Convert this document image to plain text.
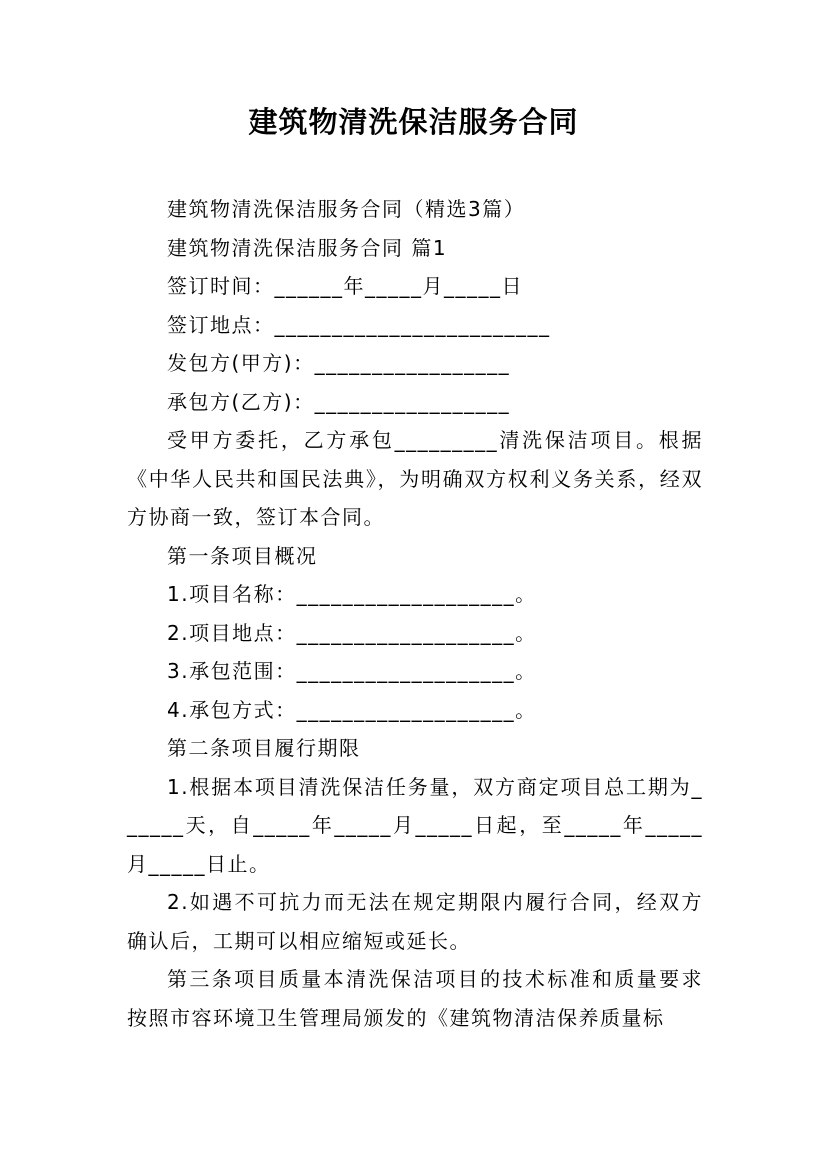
建筑物清洗保洁服务合同

建筑物清洗保洁服务合同（精选3篇）

建筑物清洗保洁服务合同 篇1

签订时间：______年_____月_____日

签订地点：________________________

发包方(甲方)：_________________

承包方(乙方)：_________________

受甲方委托，乙方承包_________清洗保洁项目。根据《中华人民共和国民法典》，为明确双方权利义务关系，经双方协商一致，签订本合同。

第一条项目概况

1.项目名称：___________________。

2.项目地点：___________________。

3.承包范围：___________________。

4.承包方式：___________________。

第二条项目履行期限

1.根据本项目清洗保洁任务量，双方商定项目总工期为______天，自_____年_____月_____日起，至_____年_____月_____日止。

2.如遇不可抗力而无法在规定期限内履行合同，经双方确认后，工期可以相应缩短或延长。

第三条项目质量本清洗保洁项目的技术标准和质量要求按照市容环境卫生管理局颁发的《建筑物清洁保养质量标
